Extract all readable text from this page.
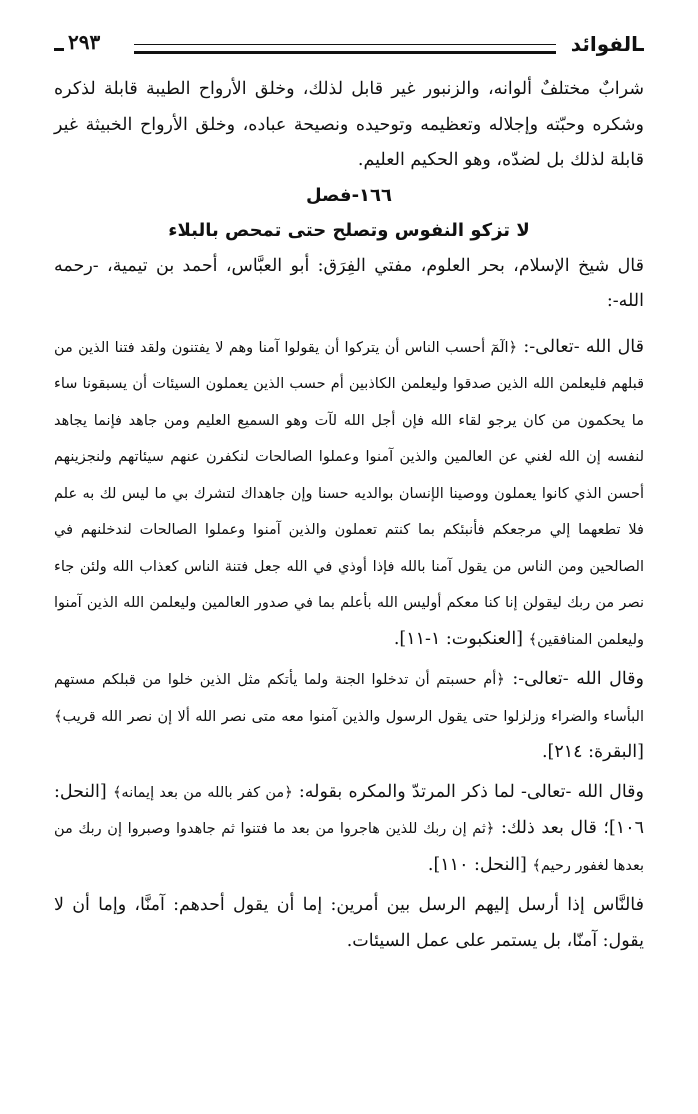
الفوائد
٢٩٣

شرابٌ مختلفٌ ألوانه، والزنبور غير قابل لذلك، وخلق الأرواح الطيبة قابلة لذكره وشكره وحبّته وإجلاله وتعظيمه وتوحيده ونصيحة عباده، وخلق الأرواح الخبيثة غير قابلة لذلك بل لضدّه، وهو الحكيم العليم.

١٦٦-فصل
لا تزكو النفوس وتصلح حتى تمحص بالبلاء

قال شيخ الإسلام، بحر العلوم، مفتي الفِرَق: أبو العبَّاس، أحمد بن تيمية، -رحمه الله-:

قال الله -تعالى-: ﴿الٓمٓ أحسب الناس أن يتركوا أن يقولوا آمنا وهم لا يفتنون ولقد فتنا الذين من قبلهم فليعلمن الله الذين صدقوا وليعلمن الكاذبين أم حسب الذين يعملون السيئات أن يسبقونا ساء ما يحكمون من كان يرجو لقاء الله فإن أجل الله لآت وهو السميع العليم ومن جاهد فإنما يجاهد لنفسه إن الله لغني عن العالمين والذين آمنوا وعملوا الصالحات لنكفرن عنهم سيئاتهم ولنجزينهم أحسن الذي كانوا يعملون ووصينا الإنسان بوالديه حسنا وإن جاهداك لتشرك بي ما ليس لك به علم فلا تطعهما إلي مرجعكم فأنبئكم بما كنتم تعملون والذين آمنوا وعملوا الصالحات لندخلنهم في الصالحين ومن الناس من يقول آمنا بالله فإذا أوذي في الله جعل فتنة الناس كعذاب الله ولئن جاء نصر من ربك ليقولن إنا كنا معكم أوليس الله بأعلم بما في صدور العالمين وليعلمن الله الذين آمنوا وليعلمن المنافقين﴾ [العنكبوت: ١-١١].

وقال الله -تعالى-: ﴿أم حسبتم أن تدخلوا الجنة ولما يأتكم مثل الذين خلوا من قبلكم مستهم البأساء والضراء وزلزلوا حتى يقول الرسول والذين آمنوا معه متى نصر الله ألا إن نصر الله قريب﴾ [البقرة: ٢١٤].

وقال الله -تعالى- لما ذكر المرتدّ والمكره بقوله: ﴿من كفر بالله من بعد إيمانه﴾ [النحل: ١٠٦]؛ قال بعد ذلك: ﴿ثم إن ربك للذين هاجروا من بعد ما فتنوا ثم جاهدوا وصبروا إن ربك من بعدها لغفور رحيم﴾ [النحل: ١١٠].

فالنَّاس إذا أرسل إليهم الرسل بين أمرين: إما أن يقول أحدهم: آمنَّا، وإما أن لا يقول: آمنّا، بل يستمر على عمل السيئات.
